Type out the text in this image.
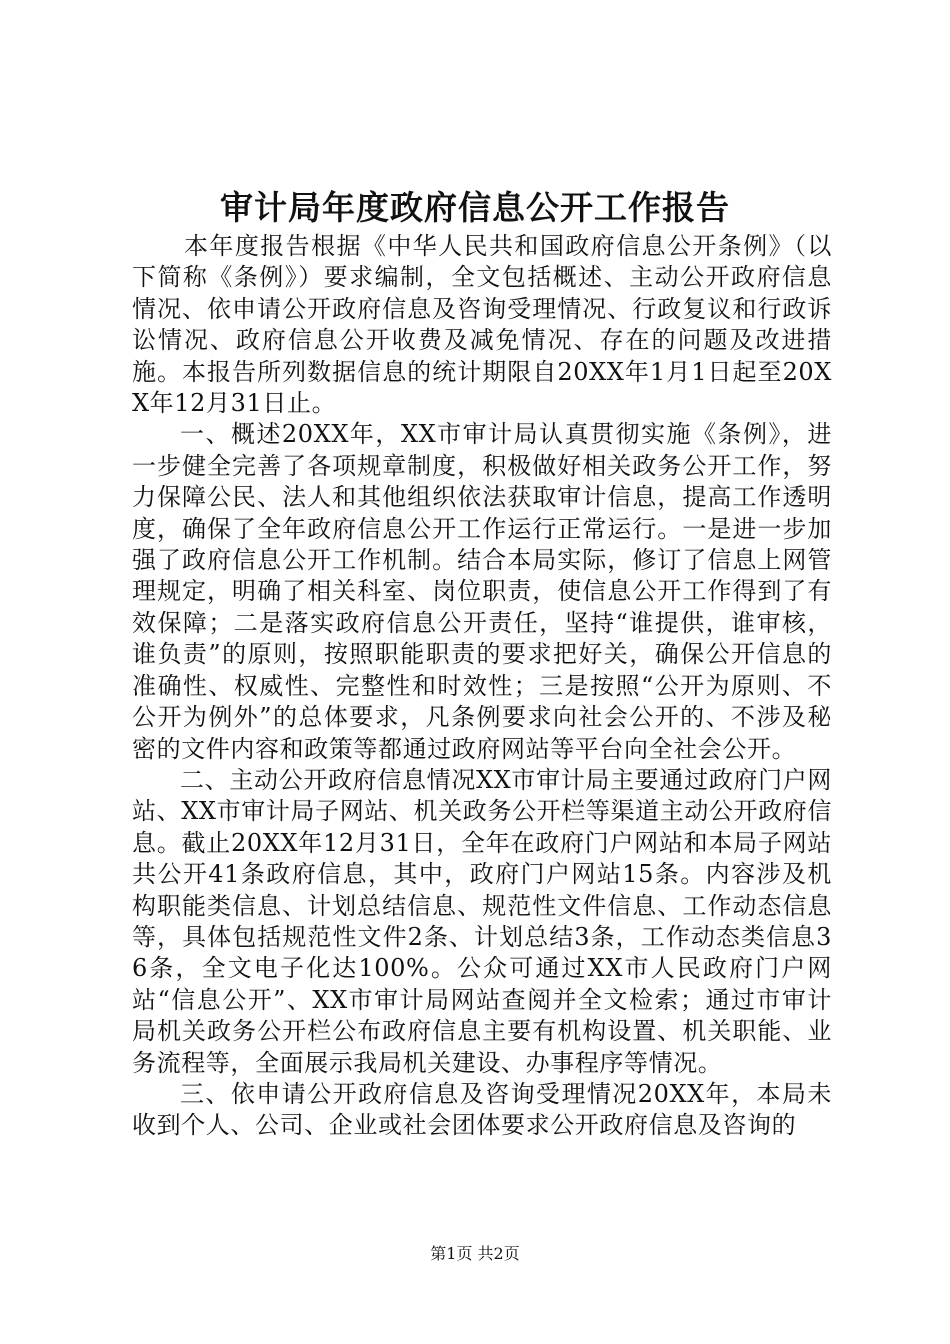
审计局年度政府信息公开工作报告

本年度报告根据《中华人民共和国政府信息公开条例》（以下简称《条例》）要求编制，全文包括概述、主动公开政府信息情况、依申请公开政府信息及咨询受理情况、行政复议和行政诉讼情况、政府信息公开收费及减免情况、存在的问题及改进措施。本报告所列数据信息的统计期限自20XX年1月1日起至20XX年12月31日止。

一、概述20XX年，XX市审计局认真贯彻实施《条例》，进一步健全完善了各项规章制度，积极做好相关政务公开工作，努力保障公民、法人和其他组织依法获取审计信息，提高工作透明度，确保了全年政府信息公开工作运行正常运行。一是进一步加强了政府信息公开工作机制。结合本局实际，修订了信息上网管理规定，明确了相关科室、岗位职责，使信息公开工作得到了有效保障；二是落实政府信息公开责任，坚持“谁提供，谁审核，谁负责”的原则，按照职能职责的要求把好关，确保公开信息的准确性、权威性、完整性和时效性；三是按照“公开为原则、不公开为例外”的总体要求，凡条例要求向社会公开的、不涉及秘密的文件内容和政策等都通过政府网站等平台向全社会公开。

二、主动公开政府信息情况XX市审计局主要通过政府门户网站、XX市审计局子网站、机关政务公开栏等渠道主动公开政府信息。截止20XX年12月31日，全年在政府门户网站和本局子网站共公开41条政府信息，其中，政府门户网站15条。内容涉及机构职能类信息、计划总结信息、规范性文件信息、工作动态信息等，具体包括规范性文件2条、计划总结3条，工作动态类信息36条，全文电子化达100%。公众可通过XX市人民政府门户网站“信息公开”、XX市审计局网站查阅并全文检索；通过市审计局机关政务公开栏公布政府信息主要有机构设置、机关职能、业务流程等，全面展示我局机关建设、办事程序等情况。

三、依申请公开政府信息及咨询受理情况20XX年，本局未收到个人、公司、企业或社会团体要求公开政府信息及咨询的

第1页 共2页
